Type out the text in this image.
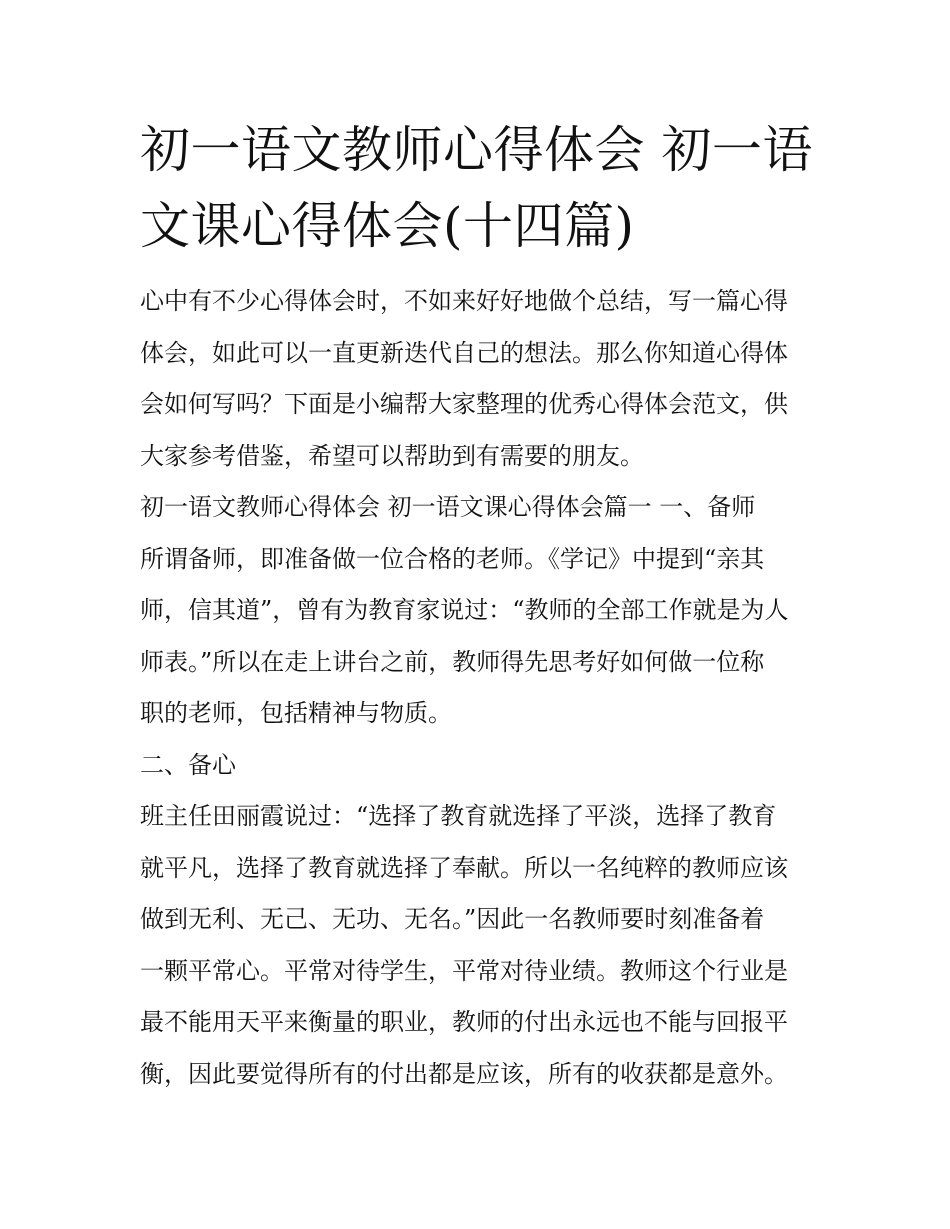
初一语文教师心得体会 初一语
文课心得体会(十四篇)

心中有不少心得体会时，不如来好好地做个总结，写一篇心得
体会，如此可以一直更新迭代自己的想法。那么你知道心得体
会如何写吗？下面是小编帮大家整理的优秀心得体会范文，供
大家参考借鉴，希望可以帮助到有需要的朋友。

初一语文教师心得体会 初一语文课心得体会篇一 一、备师

所谓备师，即准备做一位合格的老师。《学记》中提到“亲其
师，信其道”，曾有为教育家说过：“教师的全部工作就是为人
师表。”所以在走上讲台之前，教师得先思考好如何做一位称
职的老师，包括精神与物质。

二、备心

班主任田丽霞说过：“选择了教育就选择了平淡，选择了教育
就平凡，选择了教育就选择了奉献。所以一名纯粹的教师应该
做到无利、无己、无功、无名。”因此一名教师要时刻准备着
一颗平常心。平常对待学生，平常对待业绩。教师这个行业是
最不能用天平来衡量的职业，教师的付出永远也不能与回报平
衡，因此要觉得所有的付出都是应该，所有的收获都是意外。
